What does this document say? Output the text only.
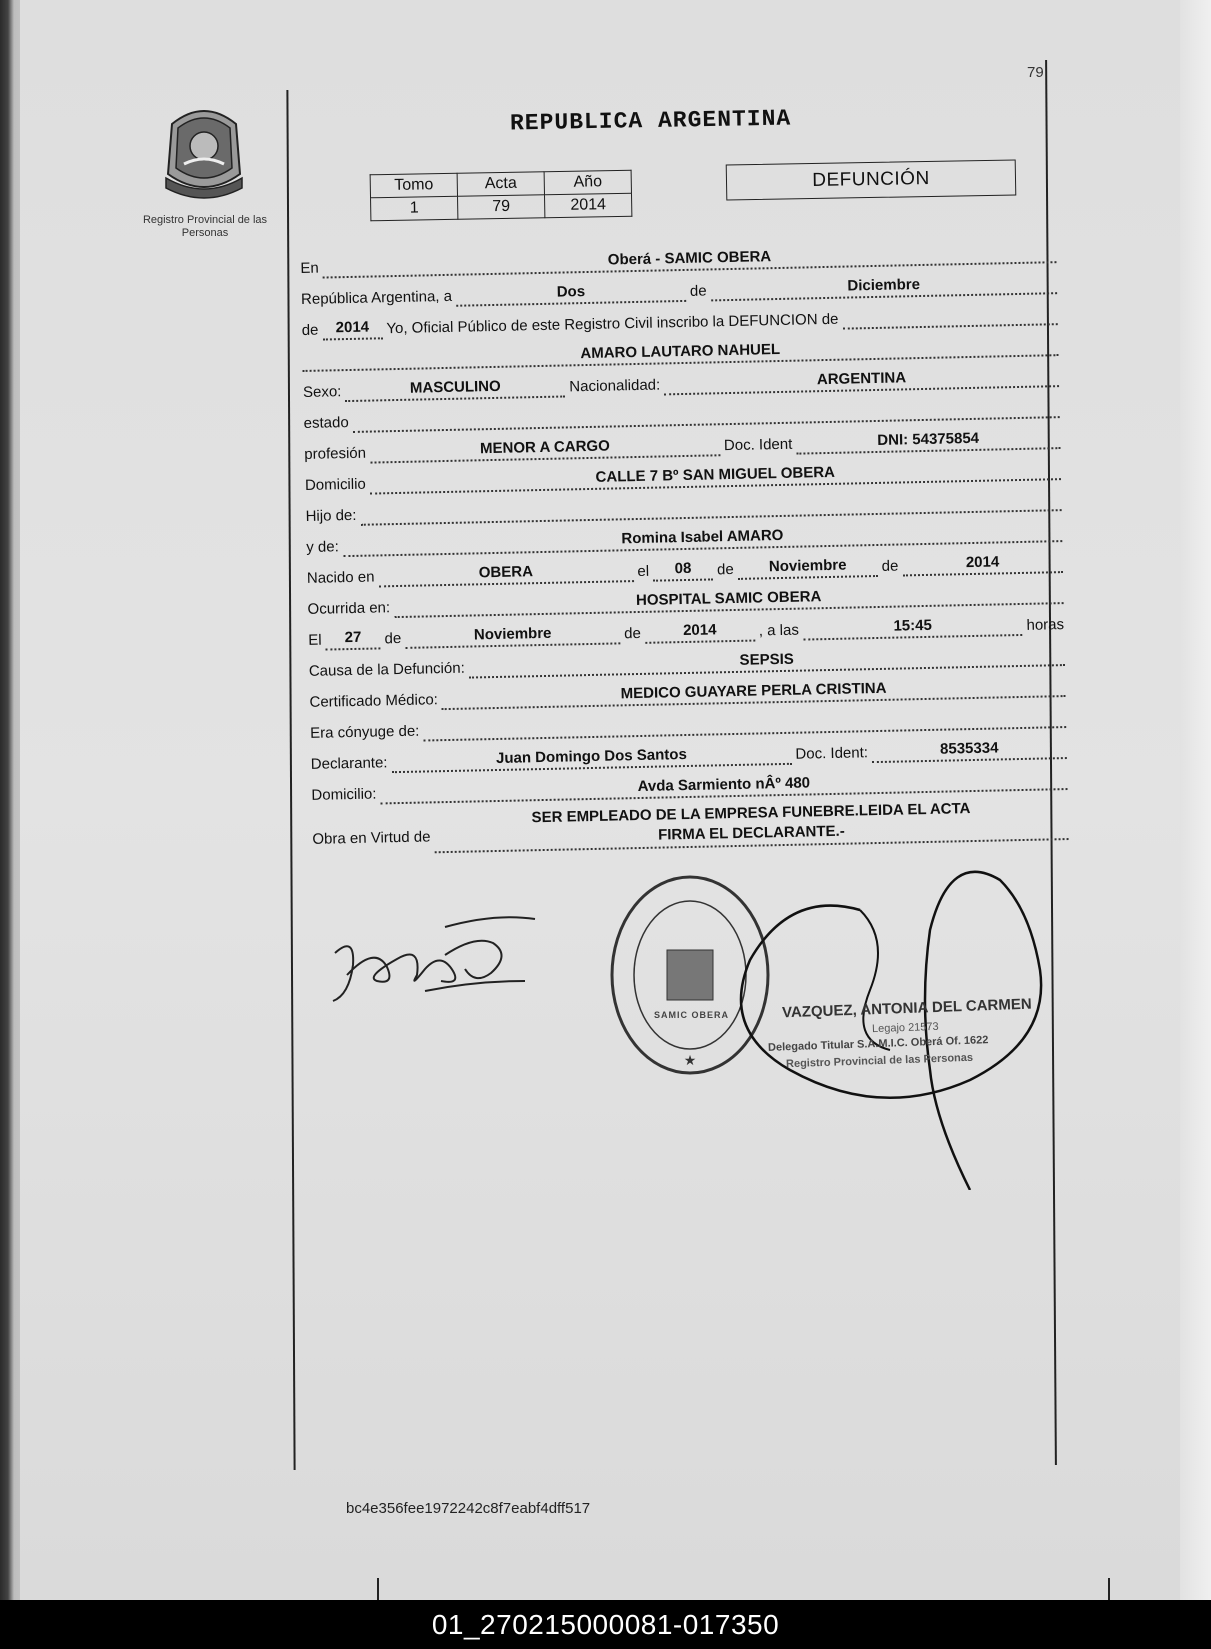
79
REPUBLICA ARGENTINA
Registro Provincial de las Personas
Tomo	Acta	Año
1	79	2014
DEFUNCIÓN
En	Oberá - SAMIC OBERA
República Argentina, a	Dos	de	Diciembre
de	2014	Yo, Oficial Público de este Registro Civil inscribo la DEFUNCION de
AMARO LAUTARO NAHUEL
Sexo:	MASCULINO	Nacionalidad:	ARGENTINA
estado
profesión	MENOR A CARGO	Doc. Ident	DNI: 54375854
Domicilio	CALLE 7 Bº SAN MIGUEL OBERA
Hijo de:
y de:	Romina Isabel AMARO
Nacido en	OBERA	el	08	de	Noviembre	de	2014
Ocurrida en:	HOSPITAL SAMIC OBERA
El	27	de	Noviembre	de	2014	, a las	15:45	horas
Causa de la Defunción:	SEPSIS
Certificado Médico:	MEDICO GUAYARE PERLA CRISTINA
Era cónyuge de:
Declarante:	Juan Domingo Dos Santos	Doc. Ident:	8535334
Domicilio:	Avda Sarmiento nÂº 480
Obra en Virtud de
SER EMPLEADO DE LA EMPRESA FUNEBRE.LEIDA EL ACTA
FIRMA EL DECLARANTE.-
★
SAMIC OBERA	VAZQUEZ, ANTONIA DEL CARMEN
Legajo 21573
Delegado Titular S.A.M.I.C. Oberá Of. 1622
Registro Provincial de las Personas
bc4e356fee1972242c8f7eabf4dff517
01_270215000081-017350
